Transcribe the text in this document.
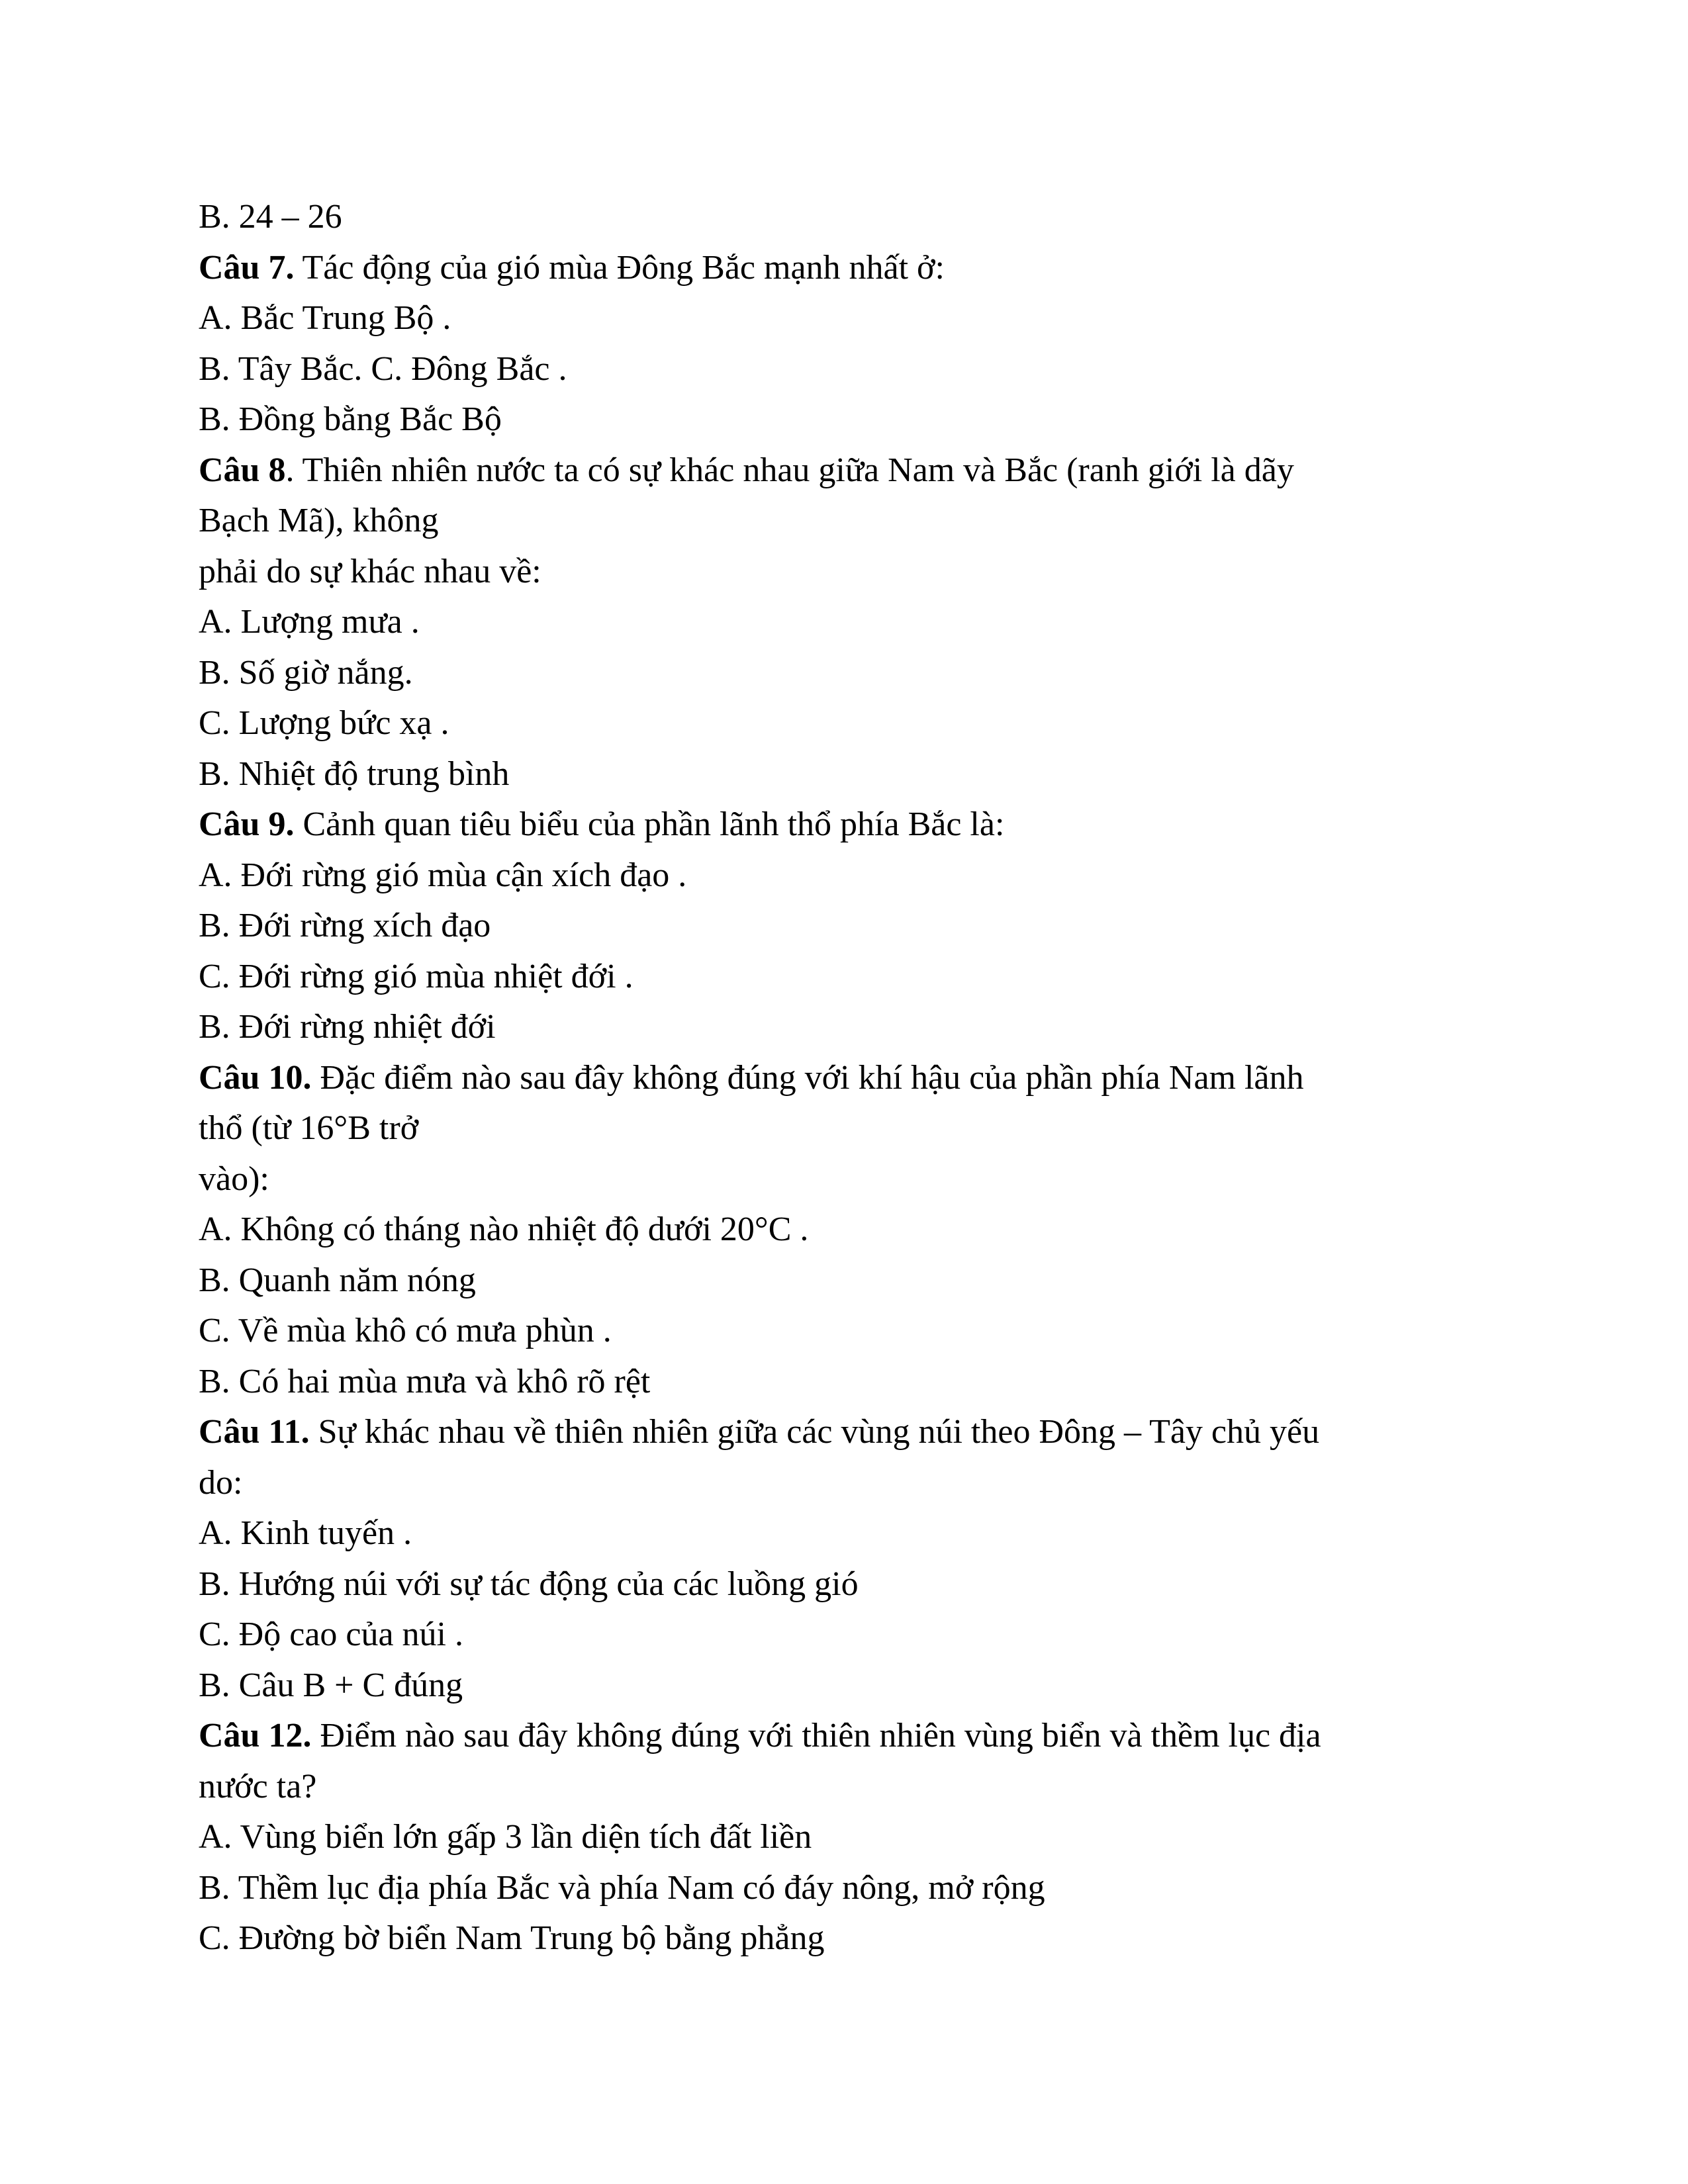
B. 24 – 26
Câu 7. Tác động của gió mùa Đông Bắc mạnh nhất ở:
A. Bắc Trung Bộ .
B. Tây Bắc. C. Đông Bắc .
B. Đồng bằng Bắc Bộ
Câu 8. Thiên nhiên nước ta có sự khác nhau giữa Nam và Bắc (ranh giới là dãy
Bạch Mã), không
phải do sự khác nhau về:
A. Lượng mưa .
B. Số giờ nắng.
C. Lượng bức xạ .
B. Nhiệt độ trung bình
Câu 9. Cảnh quan tiêu biểu của phần lãnh thổ phía Bắc là:
A. Đới rừng gió mùa cận xích đạo .
B. Đới rừng xích đạo
C. Đới rừng gió mùa nhiệt đới .
B. Đới rừng nhiệt đới
Câu 10. Đặc điểm nào sau đây không đúng với khí hậu của phần phía Nam lãnh
thổ (từ 16°B trở
vào):
A. Không có tháng nào nhiệt độ dưới 20°C .
B. Quanh năm nóng
C. Về mùa khô có mưa phùn .
B. Có hai mùa mưa và khô rõ rệt
Câu 11. Sự khác nhau về thiên nhiên giữa các vùng núi theo Đông – Tây chủ yếu
do:
A. Kinh tuyến .
B. Hướng núi với sự tác động của các luồng gió
C. Độ cao của núi .
B. Câu B + C đúng
Câu 12. Điểm nào sau đây không đúng với thiên nhiên vùng biển và thềm lục địa
nước ta?
A. Vùng biển lớn gấp 3 lần diện tích đất liền
B. Thềm lục địa phía Bắc và phía Nam có đáy nông, mở rộng
C. Đường bờ biển Nam Trung bộ bằng phẳng
